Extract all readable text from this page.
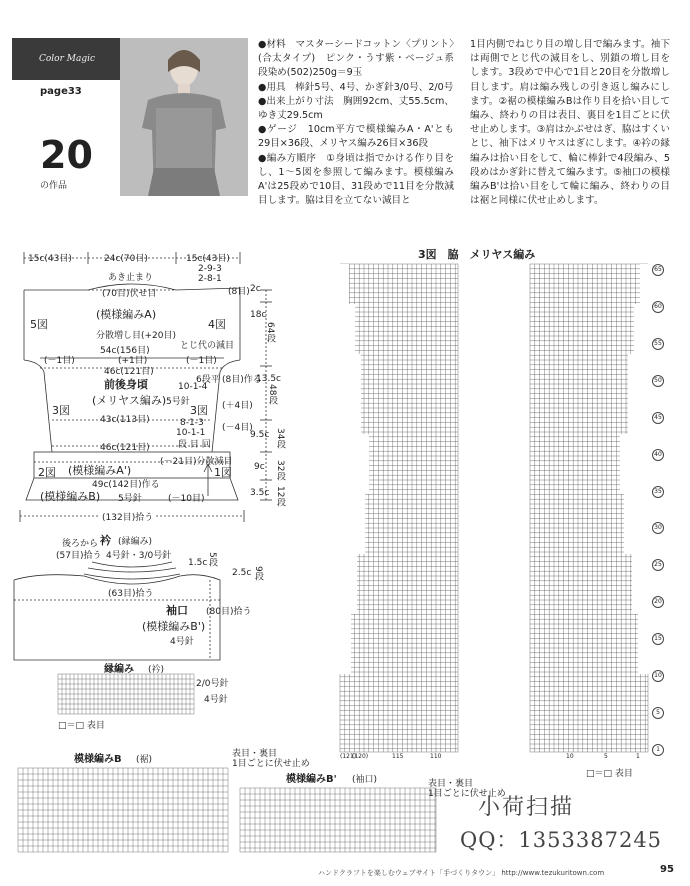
Color Magic
page33
20
の作品

●材料　マスターシードコットン〈プリント〉(合太タイプ)　ピンク・うす紫・ベージュ系段染め(502)250g＝9玉

●用具　棒針5号、4号、かぎ針3/0号、2/0号

●出来上がり寸法　胸囲92cm、丈55.5cm、ゆき丈29.5cm

●ゲージ　10cm平方で模様編みA・A'とも29目×36段、メリヤス編み26目×36段

●編み方順序　①身頃は指でかける作り目をし、1～5図を参照して編みます。模様編みA'は25段めで10目、31段めで11目を分散減目します。脇は目を立てない減目と

1目内側でねじり目の増し目で編みます。袖下は両側でとじ代の減目をし、別鎖の増し目をします。3段めで中心で1目と20目を分散増し目します。肩は編み残しの引き返し編みにします。②裾の模様編みBは作り目を拾い目して編み、終わりの目は表目、裏目を1目ごとに伏せ止めします。③肩はかぶせはぎ、脇はすくいとじ、袖下はメリヤスはぎにします。④衿の縁編みは拾い目をして、輪に棒針で4段編み、5段めはかぎ針に替えて編みます。⑤袖口の模様編みB'は拾い目をして輪に編み、終わりの目は裾と同様に伏せ止めします。

15c(43目)	24c(70目)	15c(43目)
あき止まり
(70目)伏せ目
2-9-3
2-8-1
(8目) 2c
5図	4図
(模様編みA)
分散増し目(+20目)
とじ代の減目
54c(156目)
(－1目)	(+1目)	(－1目)
46c(121目)
前後身頃
(メリヤス編み) 5号針
6段平
10-1-4
(8目)作る
3図	3図 (＋4目)
43c(113目)
(－4目)
8-1-3
10-1-1
段 目 回
46c(121目)
(－21目)分散減目
2図 (模様編みA')	1図
49c(142目)作る
(模様編みB) 5号針	(－10目)
(132目)拾う
18c
64段
13.5c
48段
9.5c 34段
9c 32段
3.5c 12段
後ろから 衿 (縁編み)
(57目)拾う 4号針・3/0号針
1.5c 5段
(63目)拾う
2.5c 9段
袖口
(模様編みB')
4号針
(80目)拾う
縁編み (衿)
2/0号針
4号針
□＝□ 表目
模様編みB (裾)
表目・裏目
1目ごとに伏せ止め
模様編みB' (袖口)	表目・裏目
1目ごとに伏せ止め
3図　脇　メリヤス編み
□＝□ 表目
(121)
(120)	115	110	10	5	1
65
60
55
50
45
40
35
30
25
20
15
10
5
1
小荷扫描
QQ：1353387245
ハンドクラフトを楽しむウェブサイト「手づくりタウン」 http://www.tezukuritown.com	95
